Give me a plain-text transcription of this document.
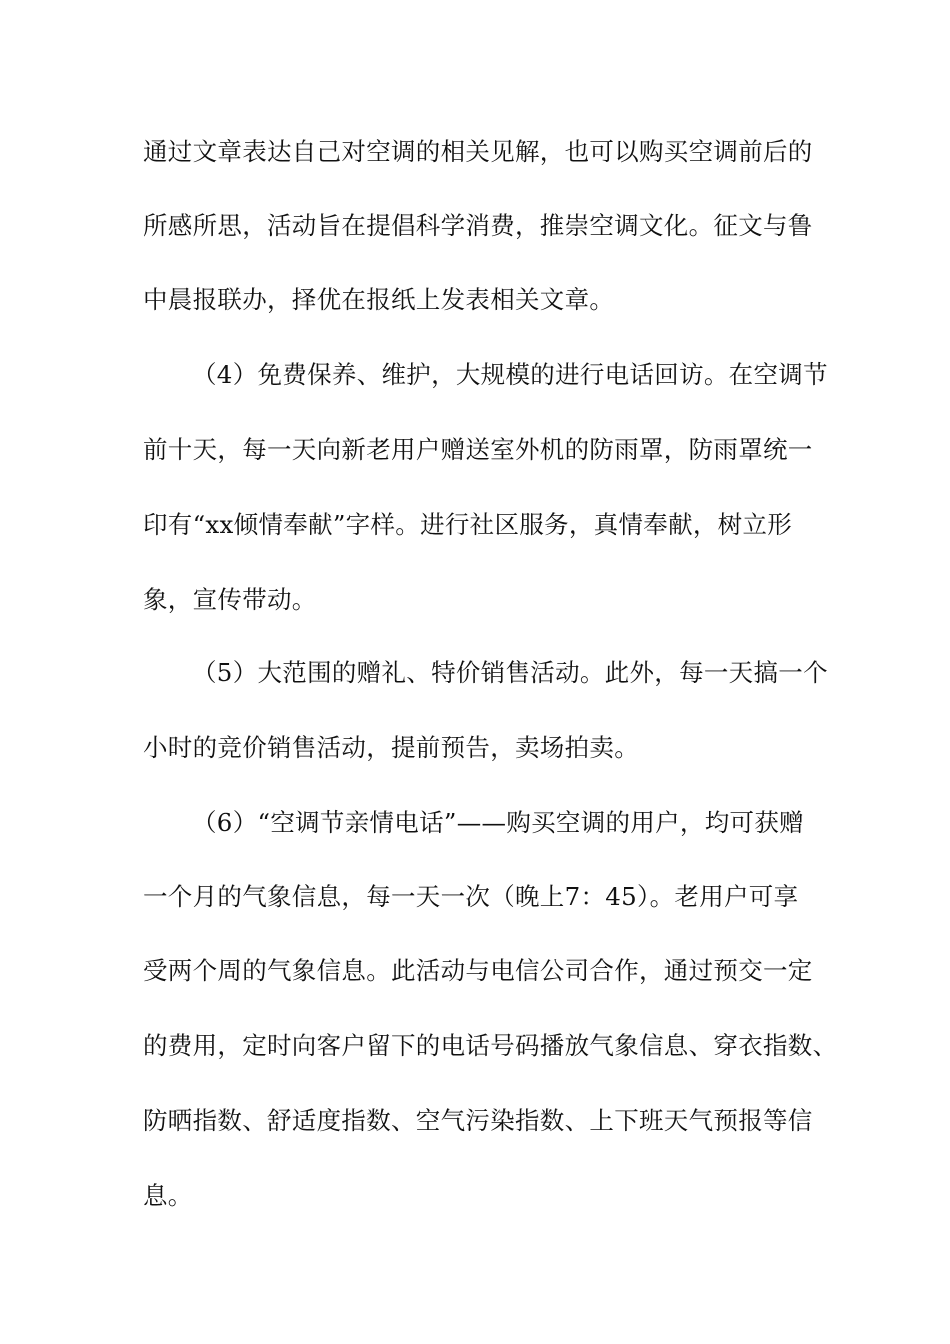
通过文章表达自己对空调的相关见解，也可以购买空调前后的
所感所思，活动旨在提倡科学消费，推崇空调文化。征文与鲁
中晨报联办，择优在报纸上发表相关文章。
（4）免费保养、维护，大规模的进行电话回访。在空调节
前十天，每一天向新老用户赠送室外机的防雨罩，防雨罩统一
印有“xx倾情奉献”字样。进行社区服务，真情奉献，树立形
象，宣传带动。
（5）大范围的赠礼、特价销售活动。此外，每一天搞一个
小时的竞价销售活动，提前预告，卖场拍卖。
（6）“空调节亲情电话”——购买空调的用户，均可获赠
一个月的气象信息，每一天一次（晚上7：45）。老用户可享
受两个周的气象信息。此活动与电信公司合作，通过预交一定
的费用，定时向客户留下的电话号码播放气象信息、穿衣指数、
防晒指数、舒适度指数、空气污染指数、上下班天气预报等信
息。
